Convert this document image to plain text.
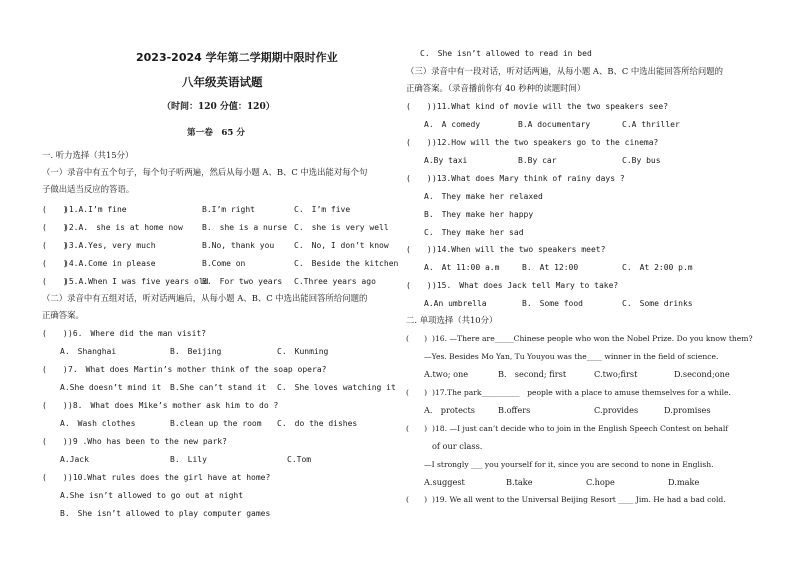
2023-2024 学年第二学期期中限时作业
八年级英语试题
（时间：120 分值：120）
第一卷　65 分
一. 听力选择（共15分）
（一）录音中有五个句子，每个句子听两遍，然后从每小题 A、B、C 中选出能对每个句
子做出适当反应的答语。
(　　)
)1.A.I’m fine	B.I’m right	C.　I’m five
(　　)
)2.A.　she is at home now B.　she is a nurse C.　she is very well
(　　)
)3.A.Yes, very much	B.No, thank you C.　No, I don’t know
(　　)
)4.A.Come in please	B.Come on	C.　Beside the kitchen
(　　)
)5.A.When I was five years old
B.　For two years C.Three years ago
（二）录音中有五组对话，听对话两遍后，从每小题 A、B、C 中选出能回答所给问题的
正确答案。
(　　))6.　Where did the man visit?
A.　Shanghai	B.　Beijing	C.　Kunming
(　　)7.　What does Martin’s mother think of the soap opera?
A.She doesn’t mind it B.She can’t stand it C.　She loves watching it
(　　))8.　What does Mike’s mother ask him to do ?
A.　Wash clothes	B.clean up the room C.　do the dishes
(　　))9 .Who has been to the new park?
A.Jack	B.　Lily	C.Tom
(　　))10.What rules does the girl have at home?
A.She isn’t allowed to go out at night
B.　She isn’t allowed to play computer games
C.　She isn’t allowed to read in bed
（三）录音中有一段对话，听对话两遍，从每小题 A、B、C 中选出能回答所给问题的
正确答案。（录音播前你有 40 秒种的读题时间）
(　　))11.What kind of movie will the two speakers see?
A.　A comedy	B.A documentary	C.A thriller
(　　))12.How will the two speakers go to the cinema?
A.By taxi	B.By car	C.By bus
(　　))13.What does Mary think of rainy days ?
A.　They make her relaxed
B.　They make her happy
C.　They make her sad
(　　))14.When will the two speakers meet?
A.　At 11:00 a.m	B.　At 12:00	C.　At 2:00 p.m
(　　))15.　What does Jack tell Mary to take?
A.An umbrella	B.　Some food	C.　Some drinks
二. 单项选择（共10分）
(　　) )16. —There are_____Chinese people who won the Nobel Prize. Do you know them?
—Yes. Besides Mo Yan, Tu Youyou was the____ winner in the field of science.
A.two; one	B.　second; first	C.two;first	D.second;one
(　　) )17.The park__________　people with a place to amuse themselves for a while.
A.　protects	B.offers	C.provides	D.promises
(　　) )18. —I just can’t decide who to join in the English Speech Contest on behalf
of our class.
—I strongly ___ you yourself for it, since you are second to none in English.
A.suggest	B.take	C.hope	D.make
(　　) )19. We all went to the Universal Beijing Resort ____ Jim. He had a bad cold.
